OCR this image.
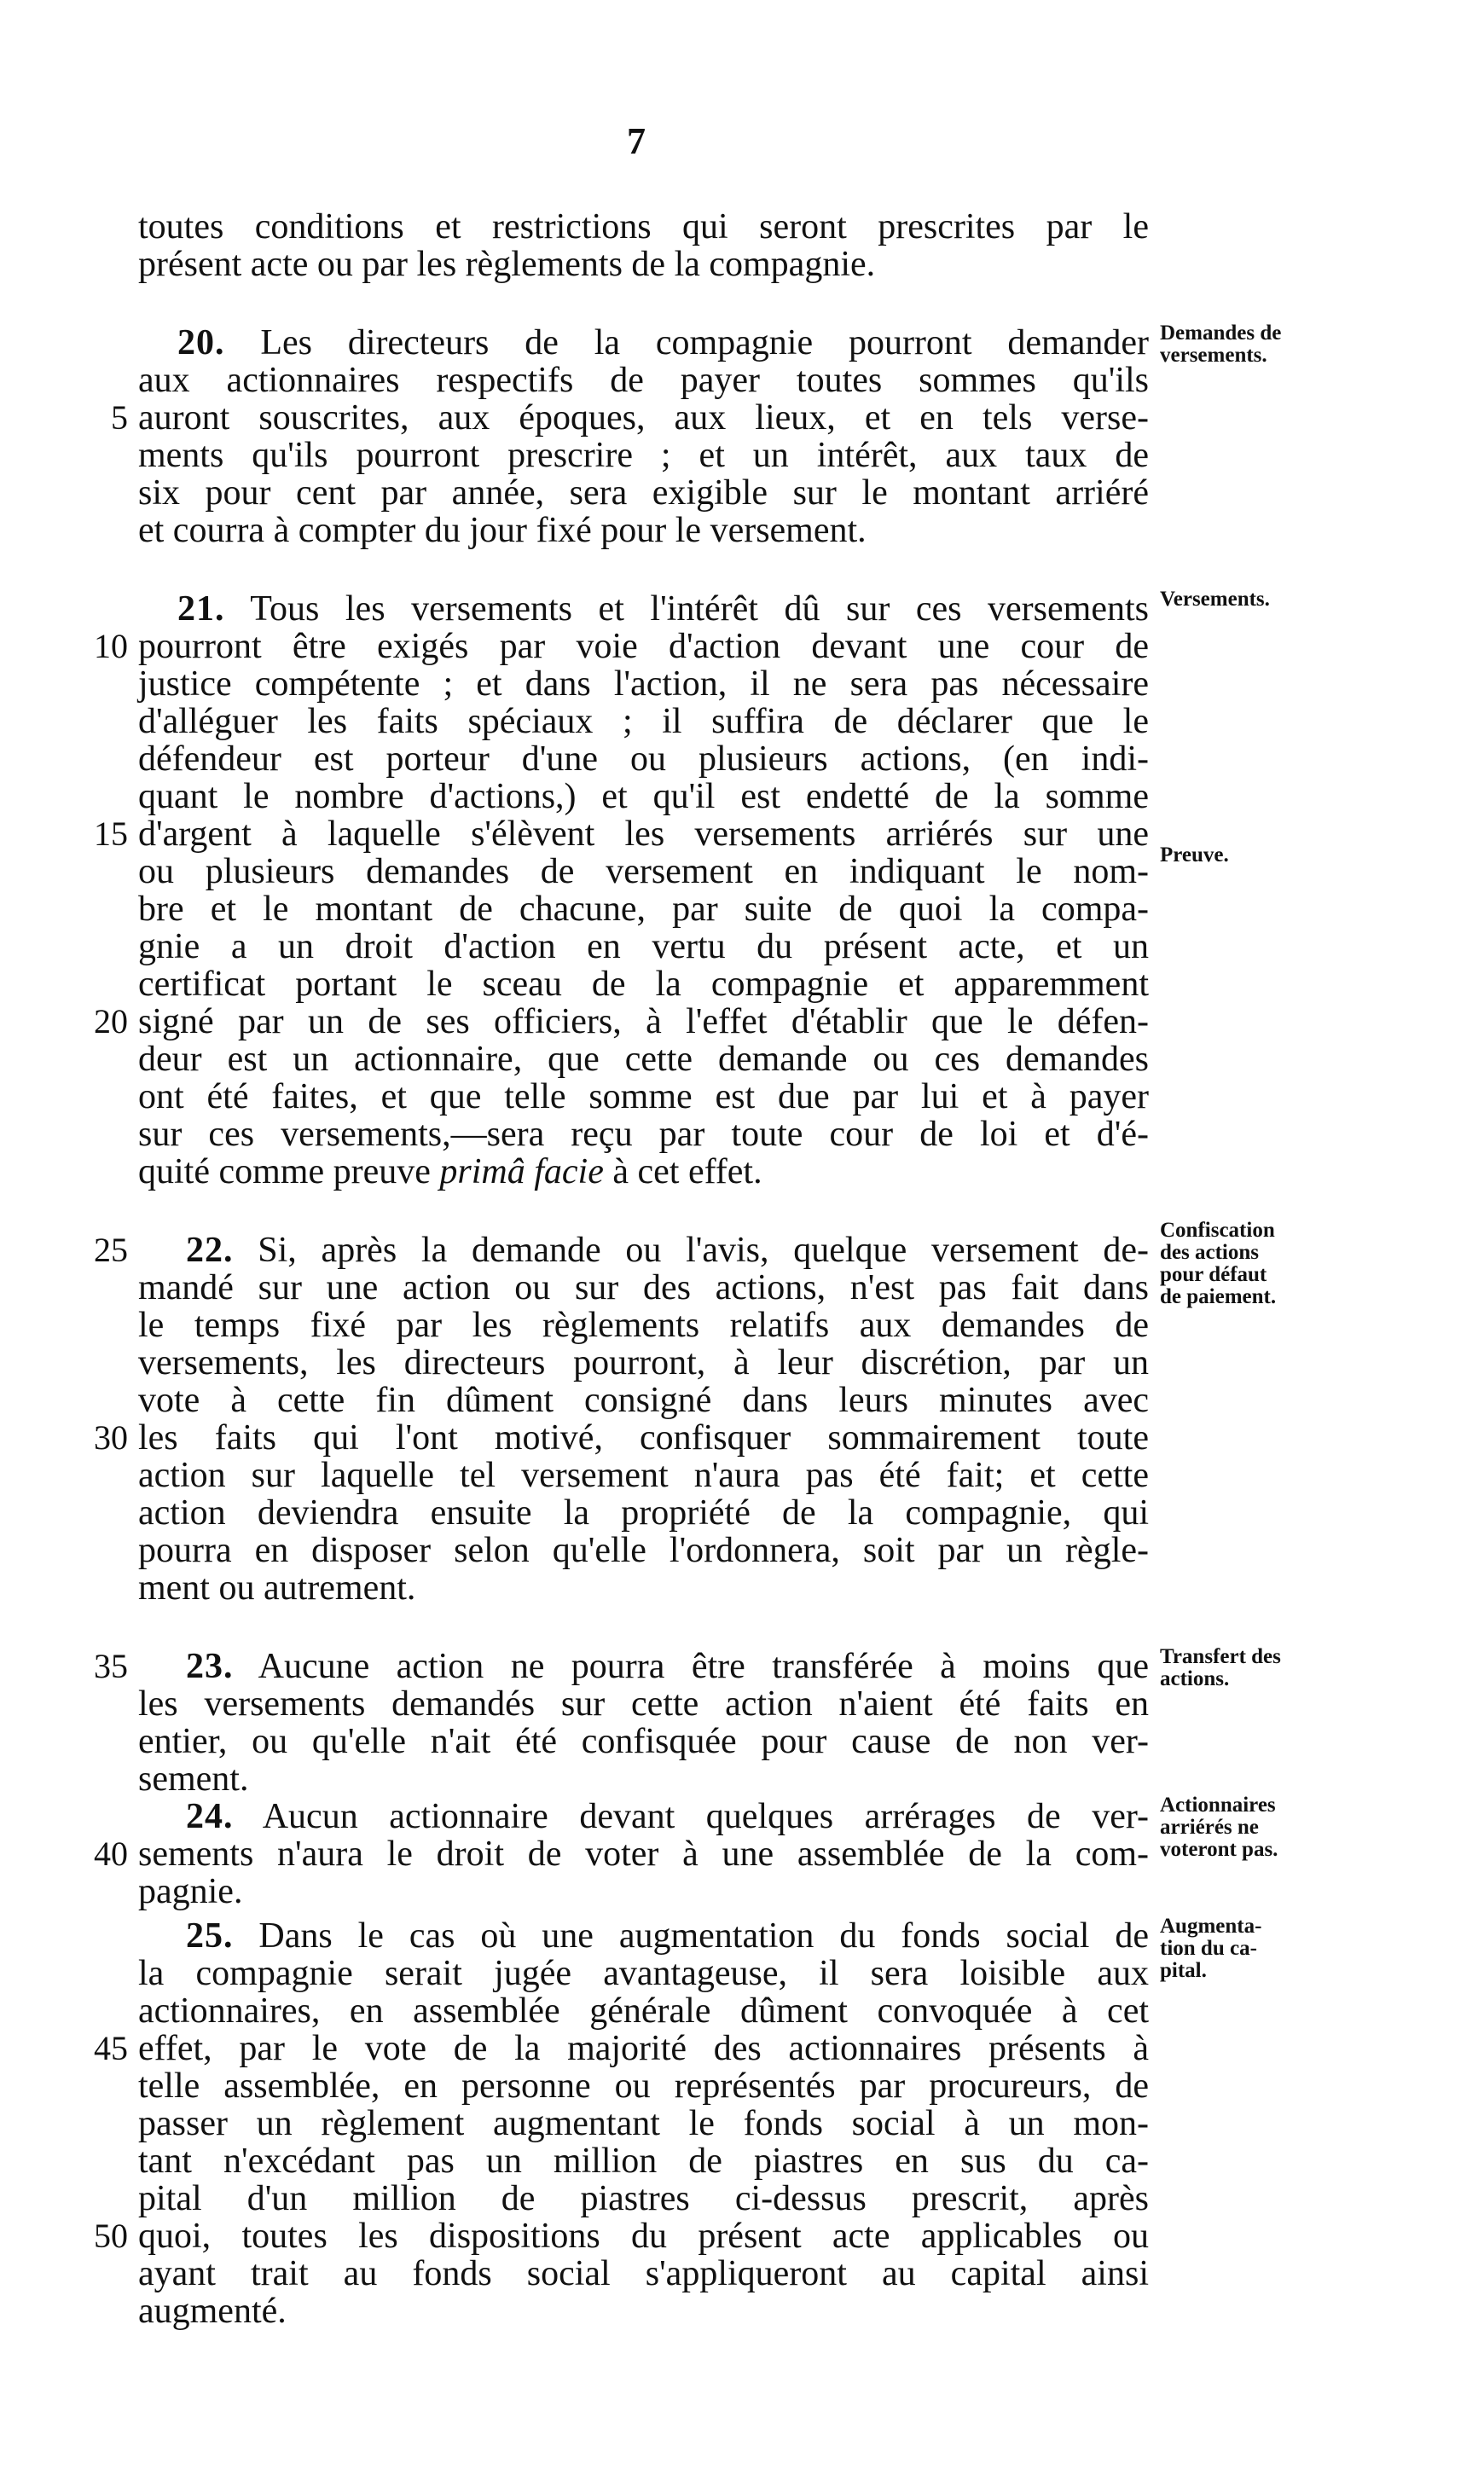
7
toutes conditions et restrictions qui seront prescrites par le
présent acte ou par les règlements de la compagnie.
20. Les directeurs de la compagnie pourront demander
aux actionnaires respectifs de payer toutes sommes qu'ils
auront souscrites, aux époques, aux lieux, et en tels verse-
ments qu'ils pourront prescrire ; et un intérêt, aux taux de
six pour cent par année, sera exigible sur le montant arriéré
et courra à compter du jour fixé pour le versement.
21. Tous les versements et l'intérêt dû sur ces versements
pourront être exigés par voie d'action devant une cour de
justice compétente ; et dans l'action, il ne sera pas nécessaire
d'alléguer les faits spéciaux ; il suffira de déclarer que le
défendeur est porteur d'une ou plusieurs actions, (en indi-
quant le nombre d'actions,) et qu'il est endetté de la somme
d'argent à laquelle s'élèvent les versements arriérés sur une
ou plusieurs demandes de versement en indiquant le nom-
bre et le montant de chacune, par suite de quoi la compa-
gnie a un droit d'action en vertu du présent acte, et un
certificat portant le sceau de la compagnie et apparemment
signé par un de ses officiers, à l'effet d'établir que le défen-
deur est un actionnaire, que cette demande ou ces demandes
ont été faites, et que telle somme est due par lui et à payer
sur ces versements,—sera reçu par toute cour de loi et d'é-
quité comme preuve primâ facie à cet effet.
22. Si, après la demande ou l'avis, quelque versement de-
mandé sur une action ou sur des actions, n'est pas fait dans
le temps fixé par les règlements relatifs aux demandes de
versements, les directeurs pourront, à leur discrétion, par un
vote à cette fin dûment consigné dans leurs minutes avec
les faits qui l'ont motivé, confisquer sommairement toute
action sur laquelle tel versement n'aura pas été fait; et cette
action deviendra ensuite la propriété de la compagnie, qui
pourra en disposer selon qu'elle l'ordonnera, soit par un règle-
ment ou autrement.
23. Aucune action ne pourra être transférée à moins que
les versements demandés sur cette action n'aient été faits en
entier, ou qu'elle n'ait été confisquée pour cause de non ver-
sement.
24. Aucun actionnaire devant quelques arrérages de ver-
sements n'aura le droit de voter à une assemblée de la com-
pagnie.
25. Dans le cas où une augmentation du fonds social de
la compagnie serait jugée avantageuse, il sera loisible aux
actionnaires, en assemblée générale dûment convoquée à cet
effet, par le vote de la majorité des actionnaires présents à
telle assemblée, en personne ou représentés par procureurs, de
passer un règlement augmentant le fonds social à un mon-
tant n'excédant pas un million de piastres en sus du ca-
pital d'un million de piastres ci-dessus prescrit, après
quoi, toutes les dispositions du présent acte applicables ou
ayant trait au fonds social s'appliqueront au capital ainsi
augmenté.
5
10
15
20
25
30
35
40
45
50
Demandes de
versements.
Versements.
Preuve.
Confiscation
des actions
pour défaut
de paiement.
Transfert des
actions.
Actionnaires
arriérés ne
voteront pas.
Augmenta-
tion du ca-
pital.
